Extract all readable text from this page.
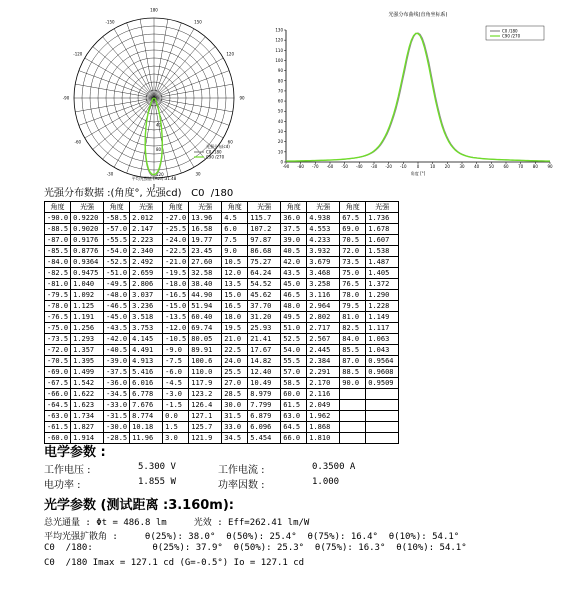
0
30
60
90
120
150
180
-150
-120
-90
-60
-30
40
80
120
光强分布(cd)
C0 /180
C90 /270
平均光强值 (Ave):31.48
光强分布曲线(直角坐标系)
0
10
20
30
40
50
60
70
80
90
100
110
120
130
-90 -80 -70 -60 -50 -40 -30 -20 -10	0	10 20 30 40 50 60 70 80 90
角度 [°]
C0 /180
C90 /270
光强分布数据 :(角度°, 光强cd)   C0  /180
角度	光强	角度	光强	角度	光强	角度	光强	角度	光强	角度	光强
-90.0	0.9220	-58.5	2.012	-27.0	13.96	4.5	115.7	36.0	4.938	67.5	1.736
-88.5	0.9020	-57.0	2.147	-25.5	16.58	6.0	107.2	37.5	4.553	69.0	1.678
-87.0	0.9176	-55.5	2.223	-24.0	19.77	7.5	97.87	39.0	4.233	70.5	1.607
-85.5	0.8776	-54.0	2.340	-22.5	23.45	9.0	86.68	40.5	3.932	72.0	1.538
-84.0	0.9364	-52.5	2.492	-21.0	27.60	10.5	75.27	42.0	3.679	73.5	1.487
-82.5	0.9475	-51.0	2.659	-19.5	32.58	12.0	64.24	43.5	3.468	75.0	1.405
-81.0	1.040	-49.5	2.806	-18.0	38.40	13.5	54.52	45.0	3.258	76.5	1.372
-79.5	1.092	-48.0	3.037	-16.5	44.90	15.0	45.62	46.5	3.116	78.0	1.290
-78.0	1.125	-46.5	3.236	-15.0	51.94	16.5	37.70	48.0	2.964	79.5	1.228
-76.5	1.191	-45.0	3.518	-13.5	60.40	18.0	31.20	49.5	2.802	81.0	1.149
-75.0	1.256	-43.5	3.753	-12.0	69.74	19.5	25.93	51.0	2.717	82.5	1.117
-73.5	1.293	-42.0	4.145	-10.5	80.05	21.0	21.41	52.5	2.567	84.0	1.063
-72.0	1.357	-40.5	4.491	-9.0	89.91	22.5	17.67	54.0	2.445	85.5	1.043
-70.5	1.395	-39.0	4.913	-7.5	100.6	24.0	14.82	55.5	2.384	87.0	0.9564
-69.0	1.499	-37.5	5.416	-6.0	110.0	25.5	12.40	57.0	2.291	88.5	0.9608
-67.5	1.542	-36.0	6.016	-4.5	117.9	27.0	10.49	58.5	2.170	90.0	0.9509
-66.0	1.622	-34.5	6.778	-3.0	123.2	28.5	8.979	60.0	2.116		
-64.5	1.623	-33.0	7.676	-1.5	126.4	30.0	7.799	61.5	2.049		
-63.0	1.734	-31.5	8.774	0.0	127.1	31.5	6.879	63.0	1.962		
-61.5	1.827	-30.0	10.18	1.5	125.7	33.0	6.096	64.5	1.868		
-60.0	1.914	-28.5	11.96	3.0	121.9	34.5	5.454	66.0	1.810		
电学参数 :
工作电压 :	5.300 V	工作电流 :	0.3500 A
电功率 :	1.855 W	功率因数 :	1.000
光学参数 (测试距离 :3.160m):
总光通量 : Φt = 486.8 lm     光效 : Eff=262.41 lm/W
平均光强扩散角 :     θ(25%): 38.0°  θ(50%): 25.4°  θ(75%): 16.4°  θ(10%): 54.1°
C0  /180:           θ(25%): 37.9°  θ(50%): 25.3°  θ(75%): 16.3°  θ(10%): 54.1°
C0  /180 Imax = 127.1 cd (G=-0.5°) Io = 127.1 cd
